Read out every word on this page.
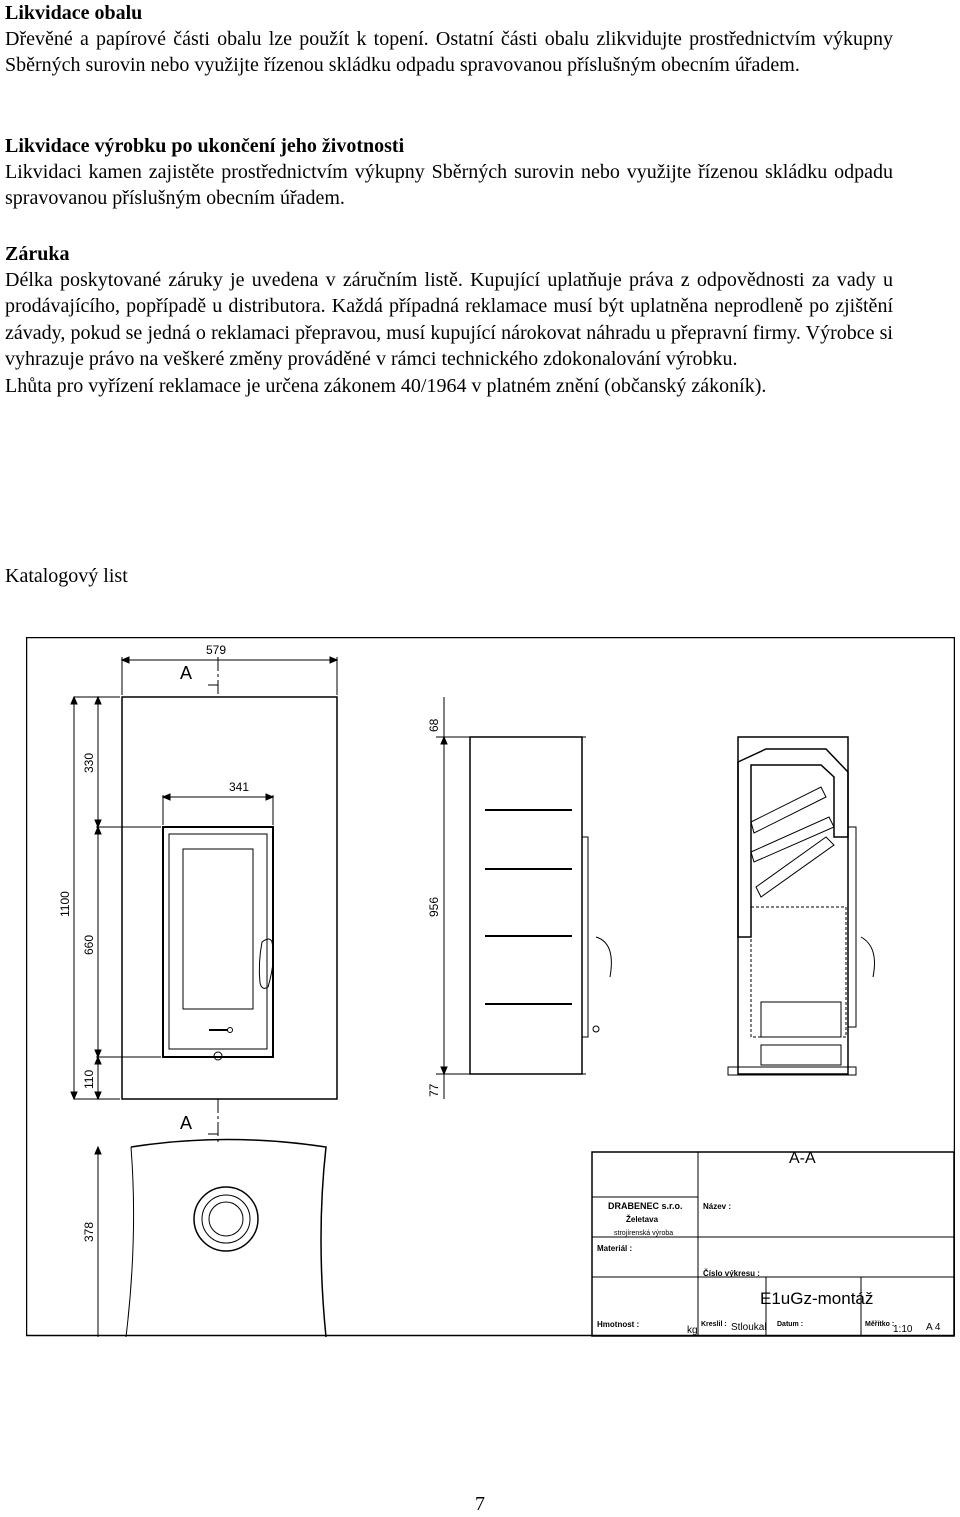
Likvidace obalu

Dřevěné a papírové části obalu lze použít k topení. Ostatní části obalu zlikvidujte prostřednictvím výkupny Sběrných surovin nebo využijte řízenou skládku odpadu spravovanou příslušným obecním úřadem.

Likvidace výrobku po ukončení jeho životnosti

Likvidaci kamen zajistěte prostřednictvím výkupny Sběrných surovin nebo využijte řízenou skládku odpadu spravovanou příslušným obecním úřadem.

Záruka

Délka poskytované záruky je uvedena v záručním listě. Kupující uplatňuje práva z odpovědnosti za vady u prodávajícího, popřípadě u distributora. Každá případná reklamace musí být uplatněna neprodleně po zjištění závady, pokud se jedná o reklamaci přepravou, musí kupující nárokovat náhradu u přepravní firmy. Výrobce si vyhrazuje právo na veškeré změny prováděné v rámci technického zdokonalování výrobku.

Lhůta pro vyřízení reklamace je určena zákonem 40/1964 v platném znění (občanský zákoník).

Katalogový list
579
341
A
A
1100
330
660
110
68
956
77
378
A-A
DRABENEC s.r.o.
Želetava
strojírenská výroba
Název :
Materiál :
Číslo výkresu :
E1uGz-montáž
Hmotnost :
kg
Kreslil : Stloukal Datum :	Měřítko :
1:10 A 4
7
